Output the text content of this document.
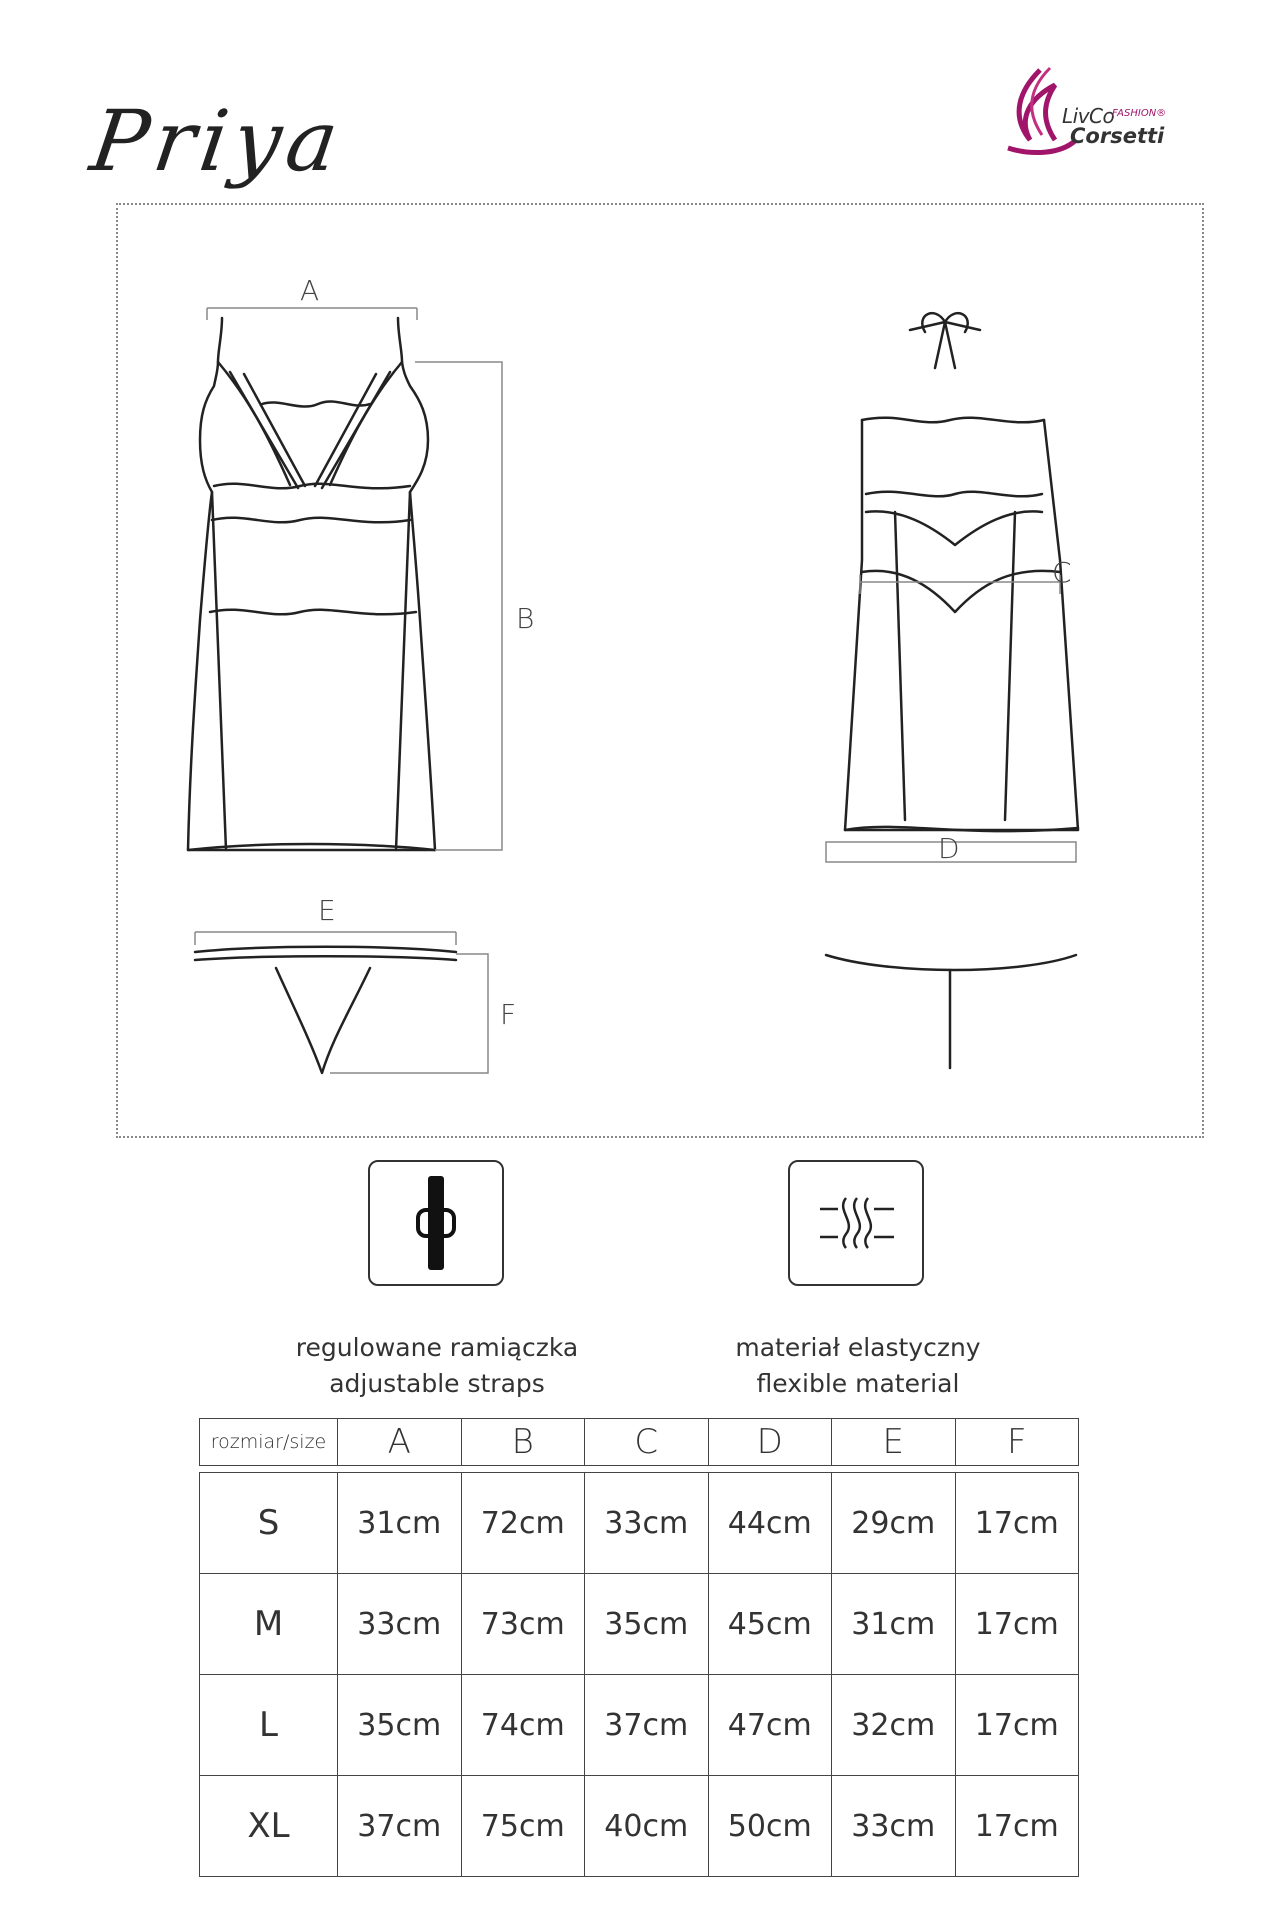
Priya	LivCo
FASHION®
Corsetti
A
B
C
D
E
F
regulowane ramiączka
adjustable straps
materiał elastyczny
flexible material
rozmiar/size	A	B	C	D	E	F
S	31cm	72cm	33cm	44cm	29cm	17cm
M	33cm	73cm	35cm	45cm	31cm	17cm
L	35cm	74cm	37cm	47cm	32cm	17cm
XL	37cm	75cm	40cm	50cm	33cm	17cm
